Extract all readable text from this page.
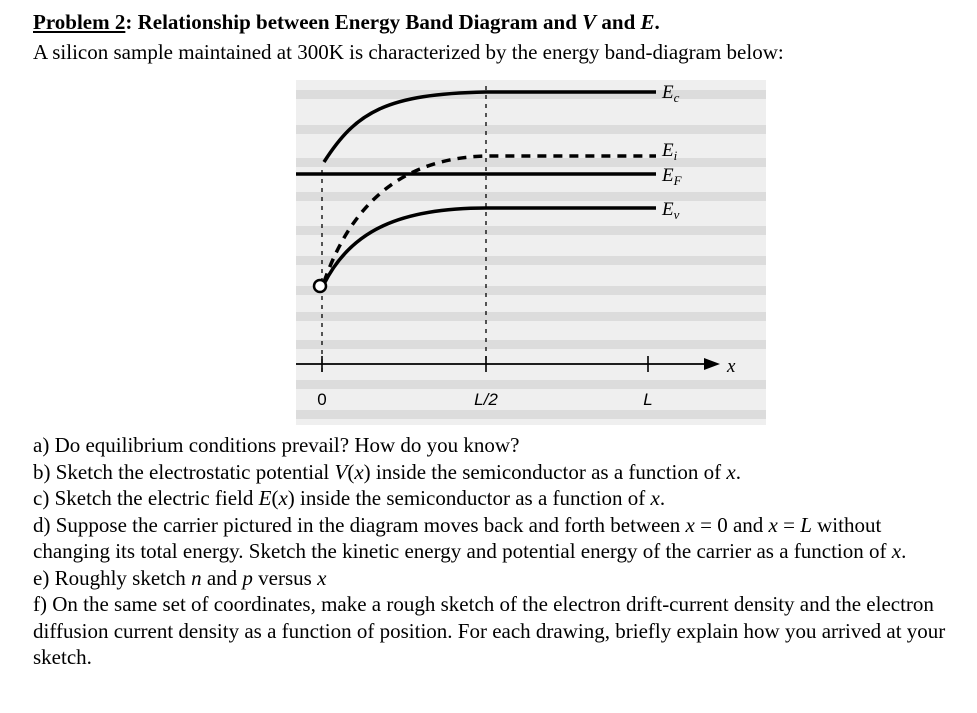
Problem 2: Relationship between Energy Band Diagram and V and E.
A silicon sample maintained at 300K is characterized by the energy band-diagram below:
$E_c$
$E_i$
$E_F$
$E_v$
x
0	L/2	L

a) Do equilibrium conditions prevail? How do you know?

b) Sketch the electrostatic potential V(x) inside the semiconductor as a function of x.

c) Sketch the electric field E(x) inside the semiconductor as a function of x.

d) Suppose the carrier pictured in the diagram moves back and forth between x = 0 and x = L without changing its total energy. Sketch the kinetic energy and potential energy of the carrier as a function of x.

e) Roughly sketch n and p versus x

f) On the same set of coordinates, make a rough sketch of the electron drift-current density and the electron diffusion current density as a function of position. For each drawing, briefly explain how you arrived at your sketch.
